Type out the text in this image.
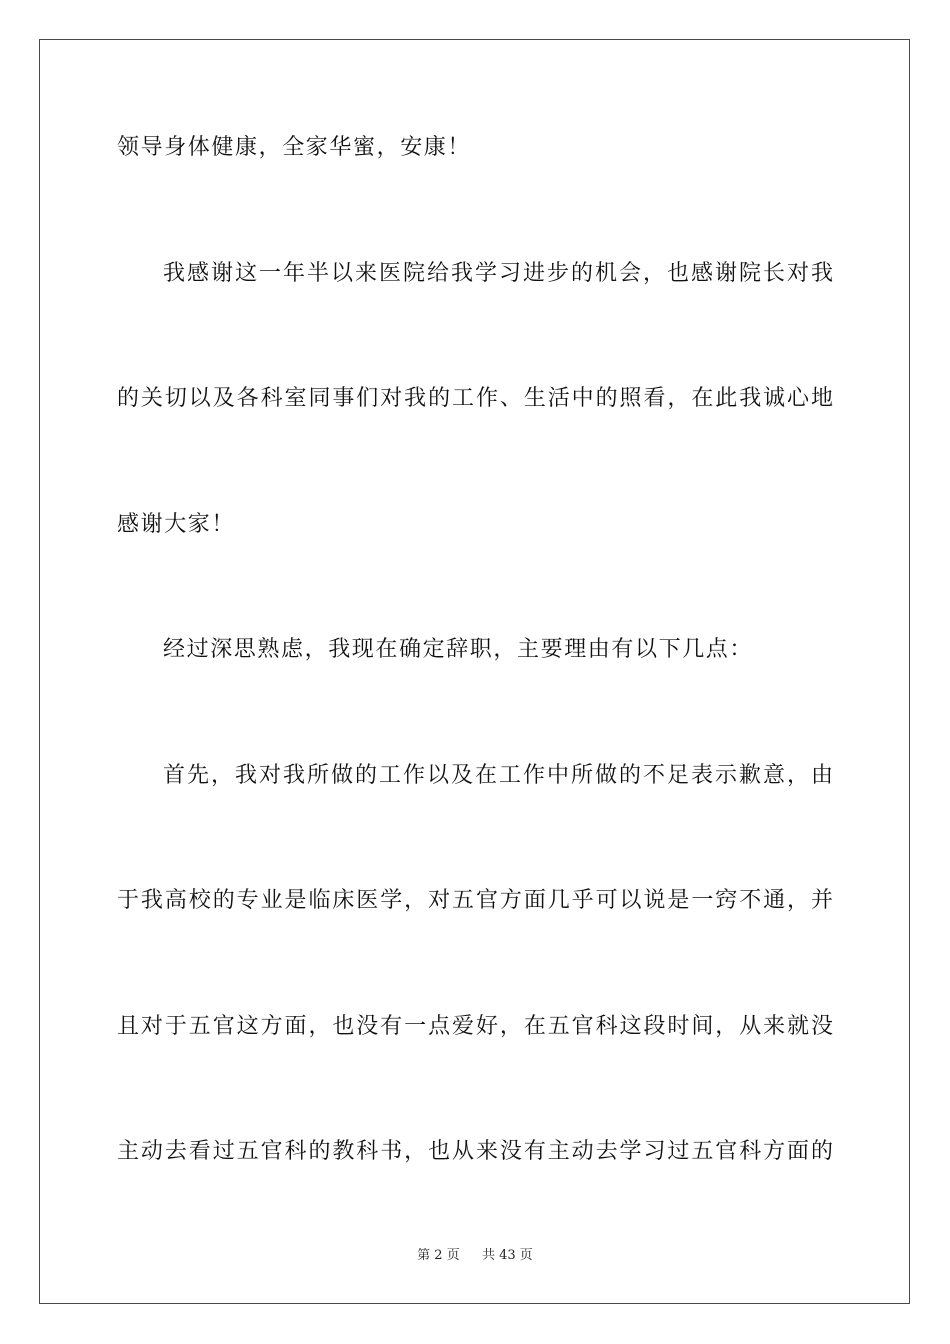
领导身体健康，全家华蜜，安康！
我感谢这一年半以来医院给我学习进步的机会，也感谢院长对我
的关切以及各科室同事们对我的工作、生活中的照看，在此我诚心地
感谢大家！
经过深思熟虑，我现在确定辞职，主要理由有以下几点：
首先，我对我所做的工作以及在工作中所做的不足表示歉意，由
于我高校的专业是临床医学，对五官方面几乎可以说是一窍不通，并
且对于五官这方面，也没有一点爱好，在五官科这段时间，从来就没
主动去看过五官科的教科书，也从来没有主动去学习过五官科方面的
第 2 页 共 43 页
